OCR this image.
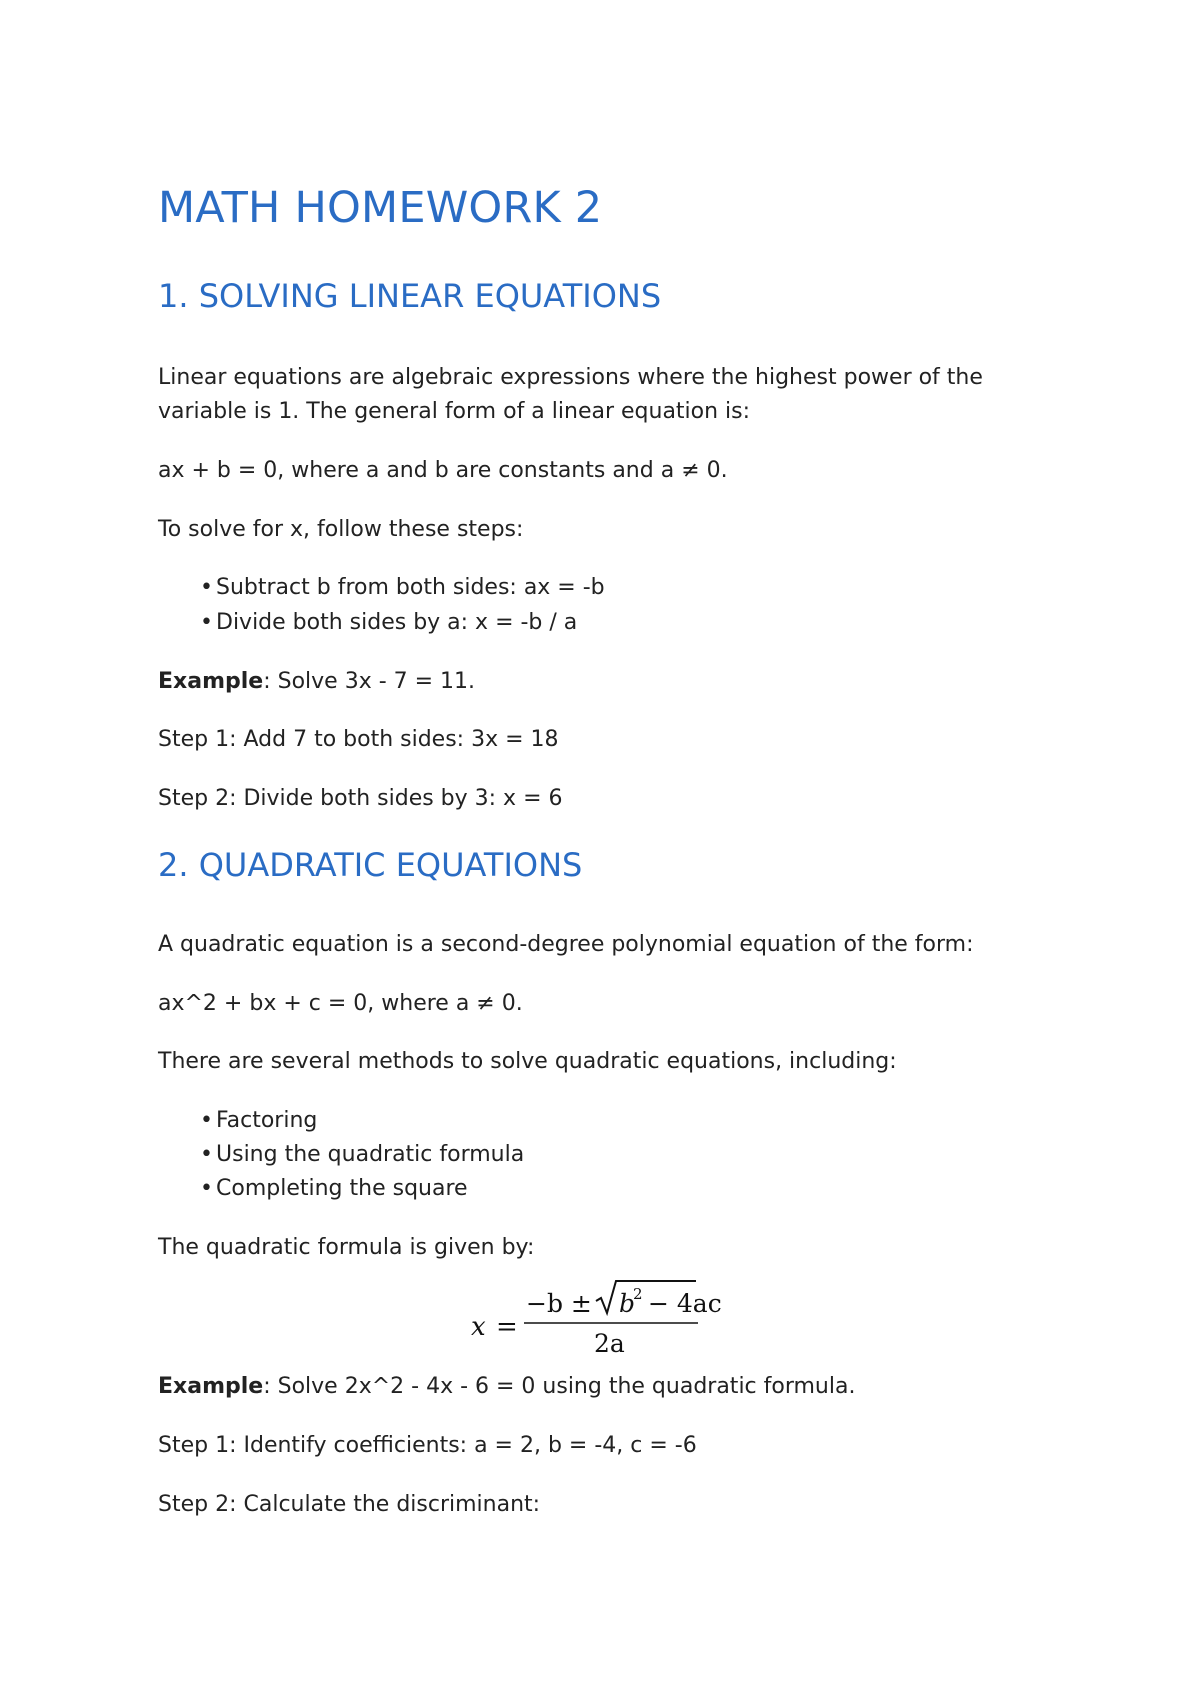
MATH HOMEWORK 2
1. SOLVING LINEAR EQUATIONS

Linear equations are algebraic expressions where the highest power of the

variable is 1. The general form of a linear equation is:

ax + b = 0, where a and b are constants and a ≠ 0.

To solve for x, follow these steps:

• Subtract b from both sides: ax = -b

• Divide both sides by a: x = -b / a

Example: Solve 3x - 7 = 11.

Step 1: Add 7 to both sides: 3x = 18

Step 2: Divide both sides by 3: x = 6

2. QUADRATIC EQUATIONS

A quadratic equation is a second-degree polynomial equation of the form:

ax^2 + bx + c = 0, where a ≠ 0.

There are several methods to solve quadratic equations, including:

• Factoring

• Using the quadratic formula

• Completing the square

The quadratic formula is given by:

x =
−b ± b
2 − 4ac
2a

Example: Solve 2x^2 - 4x - 6 = 0 using the quadratic formula.

Step 1: Identify coefficients: a = 2, b = -4, c = -6

Step 2: Calculate the discriminant:
